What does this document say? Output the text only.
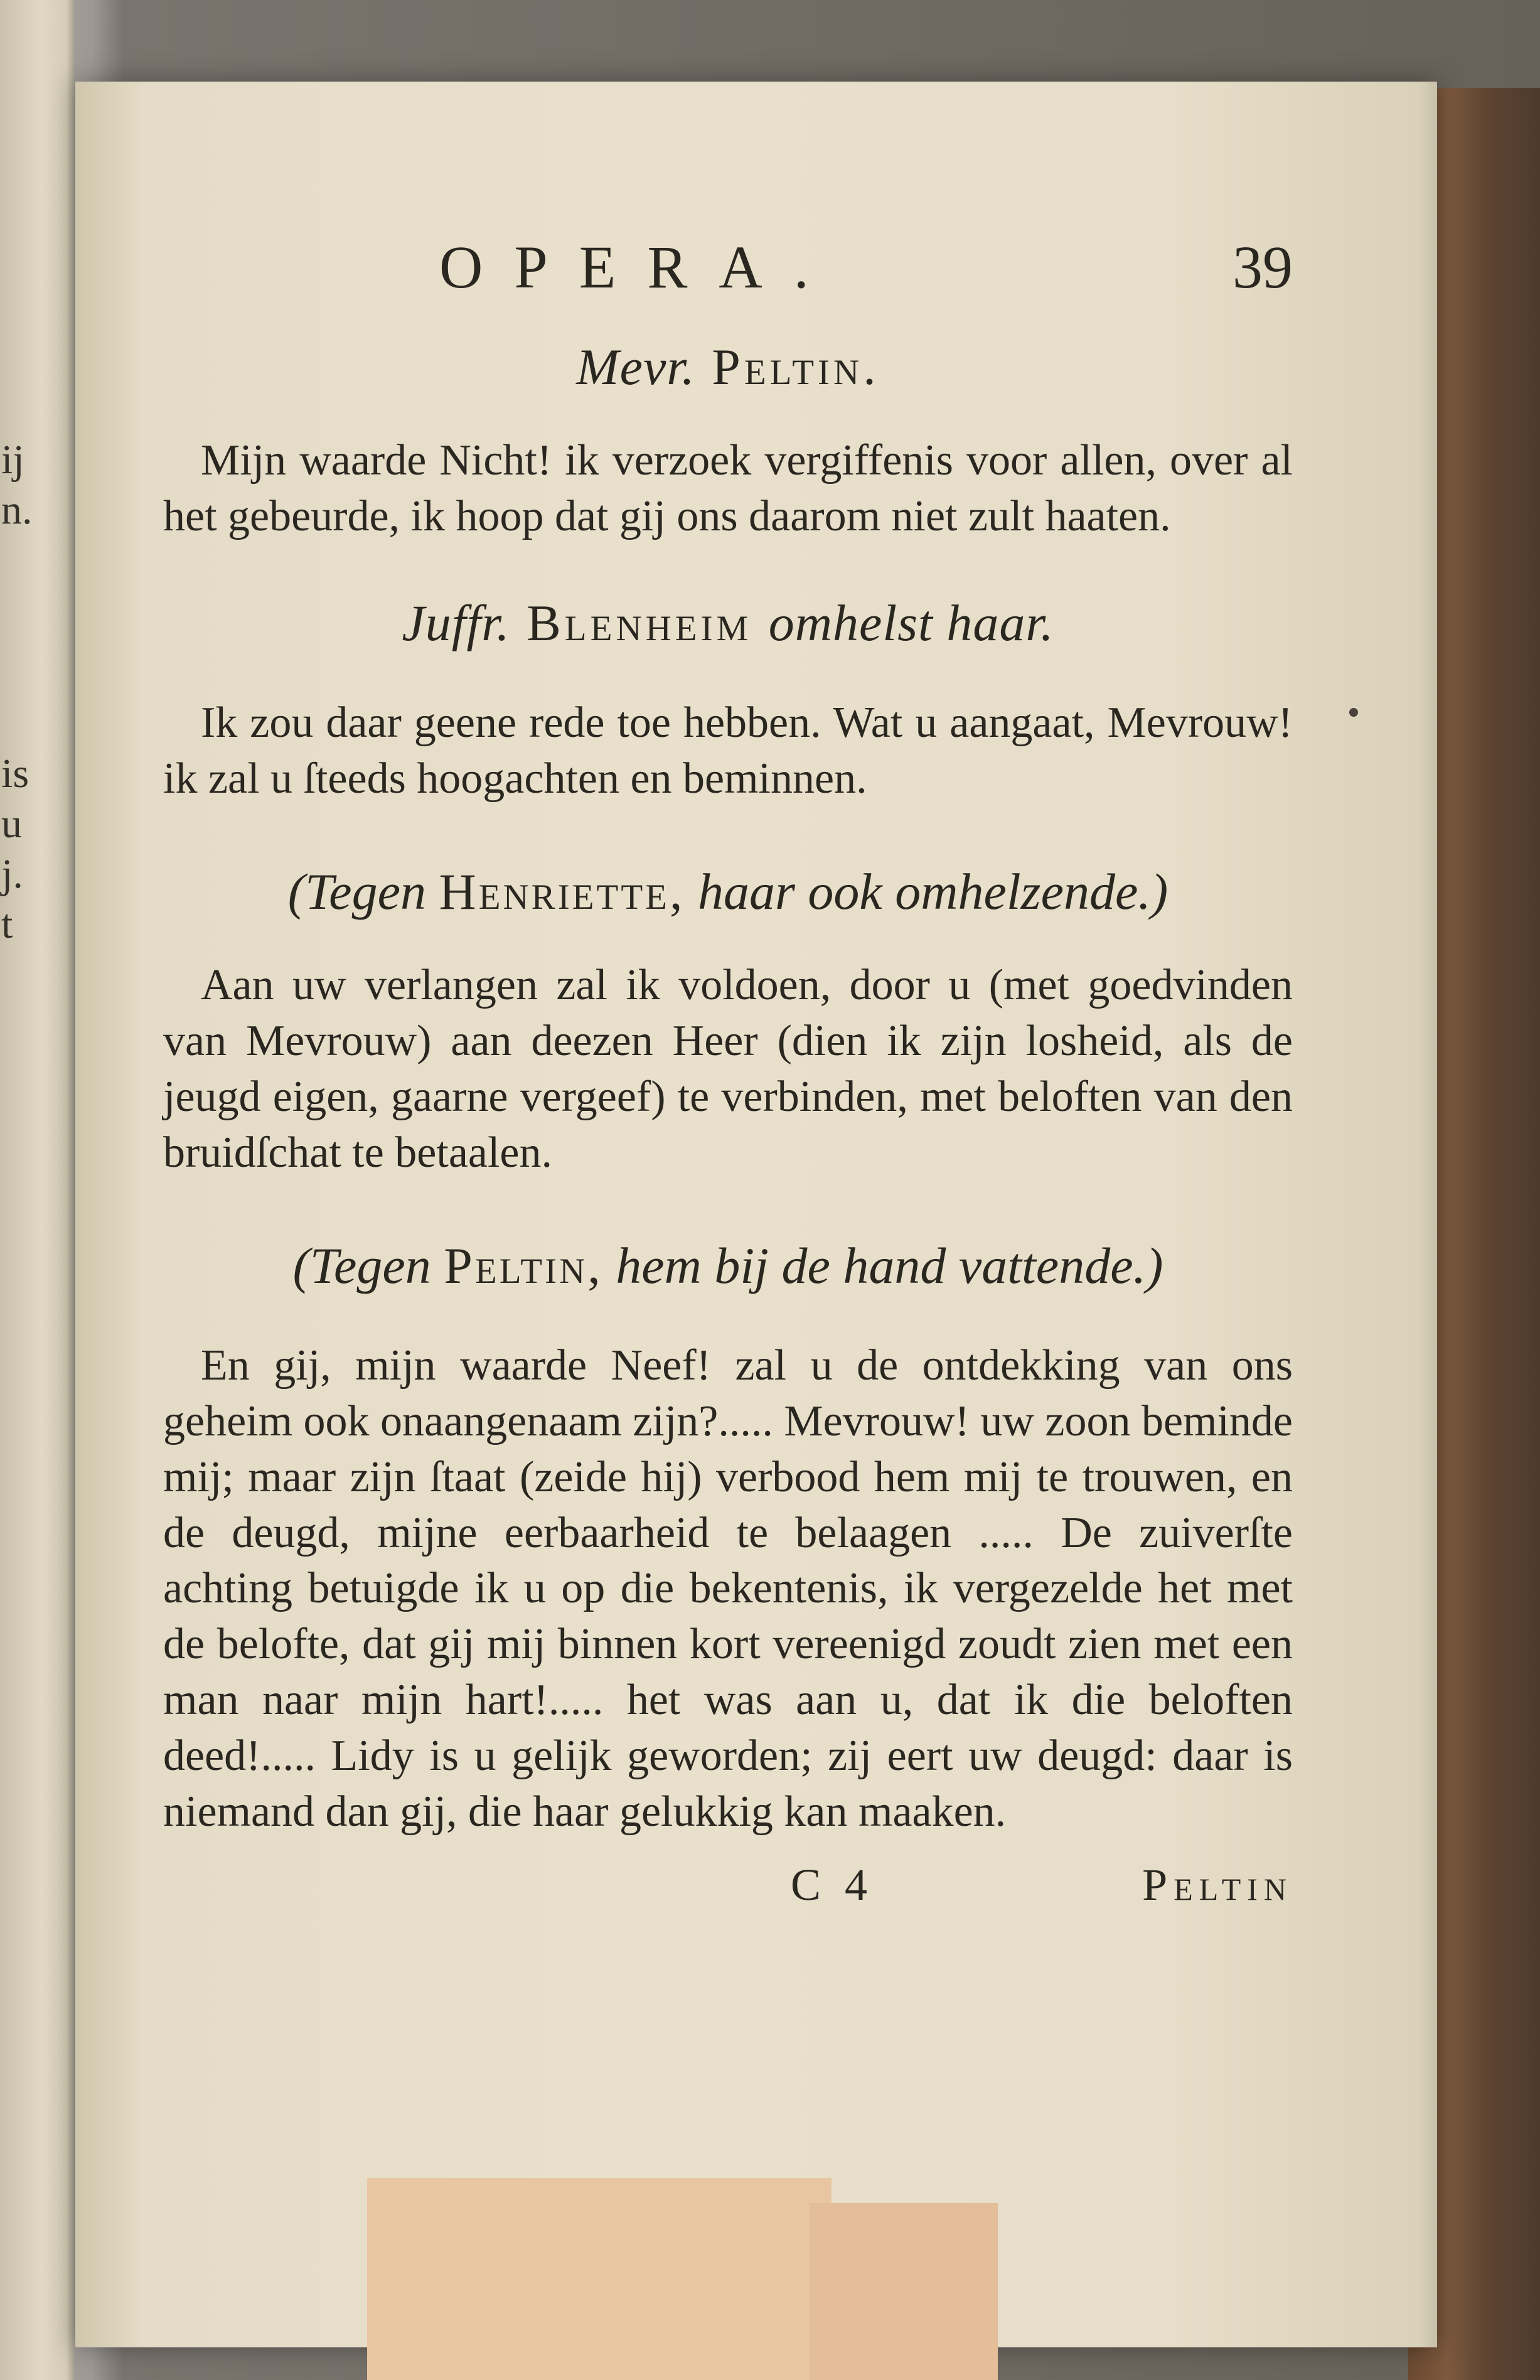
ij
n.
is
u
j.
t
OPERA.	39

Mevr. Peltin.

Mijn waarde Nicht! ik verzoek vergiffenis voor allen, over al het gebeurde, ik hoop dat gij ons daarom niet zult haaten.

Juffr. Blenheim omhelst haar.

Ik zou daar geene rede toe hebben. Wat u aangaat, Mevrouw! ik zal u ſteeds hoogachten en beminnen.

(Tegen Henriette, haar ook omhelzende.)

Aan uw verlangen zal ik voldoen, door u (met goedvinden van Mevrouw) aan deezen Heer (dien ik zijn losheid, als de jeugd eigen, gaarne vergeef) te verbinden, met beloften van den bruidſchat te betaalen.

(Tegen Peltin, hem bij de hand vattende.)

En gij, mijn waarde Neef! zal u de ontdekking van ons geheim ook onaangenaam zijn?..... Mevrouw! uw zoon beminde mij; maar zijn ſtaat (zeide hij) verbood hem mij te trouwen, en de deugd, mijne eerbaarheid te belaagen ..... De zuiverſte achting betuigde ik u op die bekentenis, ik vergezelde het met de belofte, dat gij mij binnen kort vereenigd zoudt zien met een man naar mijn hart!..... het was aan u, dat ik die beloften deed!..... Lidy is u gelijk geworden; zij eert uw deugd: daar is niemand dan gij, die haar gelukkig kan maaken.

C 4	Peltin
